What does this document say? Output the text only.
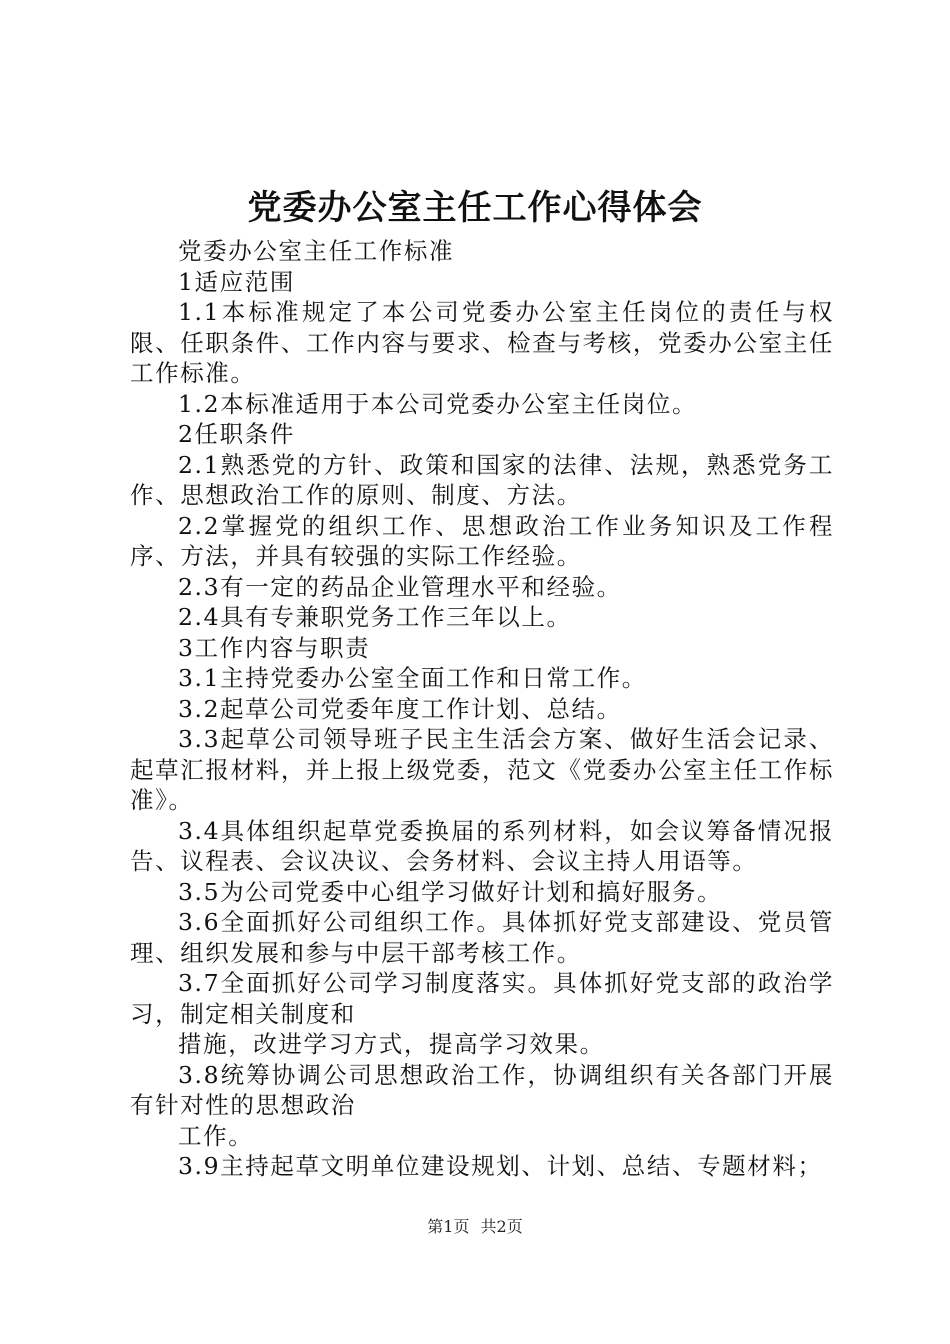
党委办公室主任工作心得体会

党委办公室主任工作标准

1适应范围

1.1本标准规定了本公司党委办公室主任岗位的责任与权限、任职条件、工作内容与要求、检查与考核，党委办公室主任工作标准。

1.2本标准适用于本公司党委办公室主任岗位。

2任职条件

2.1熟悉党的方针、政策和国家的法律、法规，熟悉党务工作、思想政治工作的原则、制度、方法。

2.2掌握党的组织工作、思想政治工作业务知识及工作程序、方法，并具有较强的实际工作经验。

2.3有一定的药品企业管理水平和经验。

2.4具有专兼职党务工作三年以上。

3工作内容与职责

3.1主持党委办公室全面工作和日常工作。

3.2起草公司党委年度工作计划、总结。

3.3起草公司领导班子民主生活会方案、做好生活会记录、起草汇报材料，并上报上级党委，范文《党委办公室主任工作标准》。

3.4具体组织起草党委换届的系列材料，如会议筹备情况报告、议程表、会议决议、会务材料、会议主持人用语等。

3.5为公司党委中心组学习做好计划和搞好服务。

3.6全面抓好公司组织工作。具体抓好党支部建设、党员管理、组织发展和参与中层干部考核工作。

3.7全面抓好公司学习制度落实。具体抓好党支部的政治学习，制定相关制度和

措施，改进学习方式，提高学习效果。

3.8统筹协调公司思想政治工作，协调组织有关各部门开展有针对性的思想政治

工作。

3.9主持起草文明单位建设规划、计划、总结、专题材料；

第1页 共2页
